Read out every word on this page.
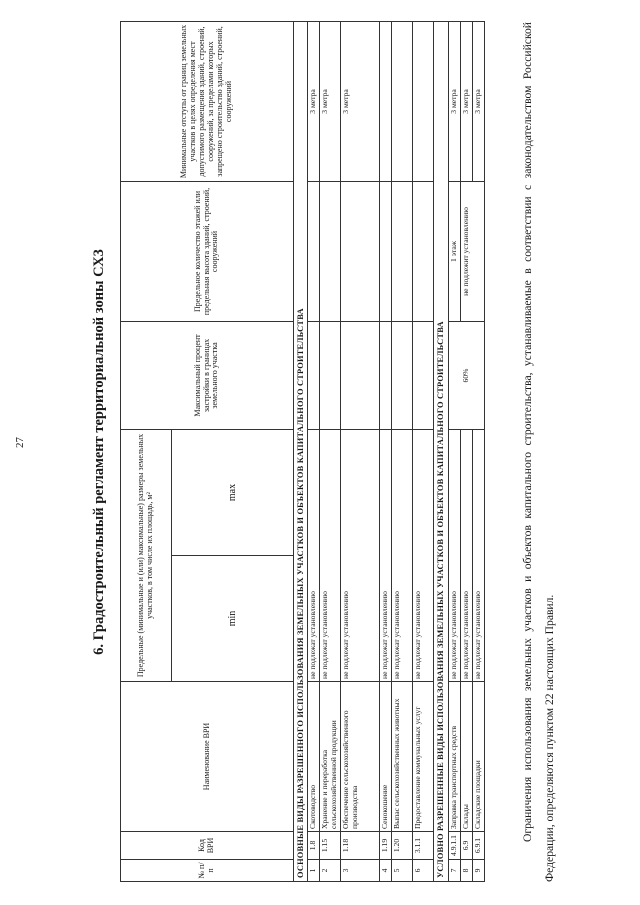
27	6. Градостроительный регламент территориальной зоны СХ3
№ п/п	Код ВРИ	Наименование ВРИ	Предельные (минимальные и (или) максимальные) размеры земельных участков, в том числе их площадь, м²		Максимальный процент застройки в границах земельного участка	Предельное количество этажей или предельная высота зданий, строений, сооружений	Минимальные отступы от границ земельных участков в целях определения мест допустимого размещения зданий, строений, сооружений, за пределами которых запрещено строительство зданий, строений, сооружений
			min	max			
ОСНОВНЫЕ ВИДЫ РАЗРЕШЕННОГО ИСПОЛЬЗОВАНИЯ ЗЕМЕЛЬНЫХ УЧАСТКОВ И ОБЪЕКТОВ КАПИТАЛЬНОГО СТРОИТЕЛЬСТВА							
1	1.8	Скотоводство	не подлежат установлению				3 метра
2	1.15	Хранение и переработка сельскохозяйственной продукции	не подлежат установлению				3 метра
3	1.18	Обеспечение сельскохозяйственного производства	не подлежат установлению				3 метра
4	1.19	Сенокошение	не подлежат установлению				
5	1.20	Выпас сельскохозяйственных животных	не подлежат установлению				
6	3.1.1	Предоставление коммунальных услуг	не подлежат установлению				
УСЛОВНО РАЗРЕШЕННЫЕ ВИДЫ ИСПОЛЬЗОВАНИЯ ЗЕМЕЛЬНЫХ УЧАСТКОВ И ОБЪЕКТОВ КАПИТАЛЬНОГО СТРОИТЕЛЬСТВА							
7	4.9.1.1	Заправка транспортных средств	не подлежат установлению		60%	1 этаж	3 метра
8	6.9	Склады	не подлежат установлению			не подлежит установлению	3 метра
9	6.9.1	Складские площадки	не подлежат установлению				3 метра	Ограничения использования земельных участков и объектов капитального строительства, устанавливаемые в соответствии с законодательством Российской Федерации, определяются пунктом 22 настоящих Правил.
